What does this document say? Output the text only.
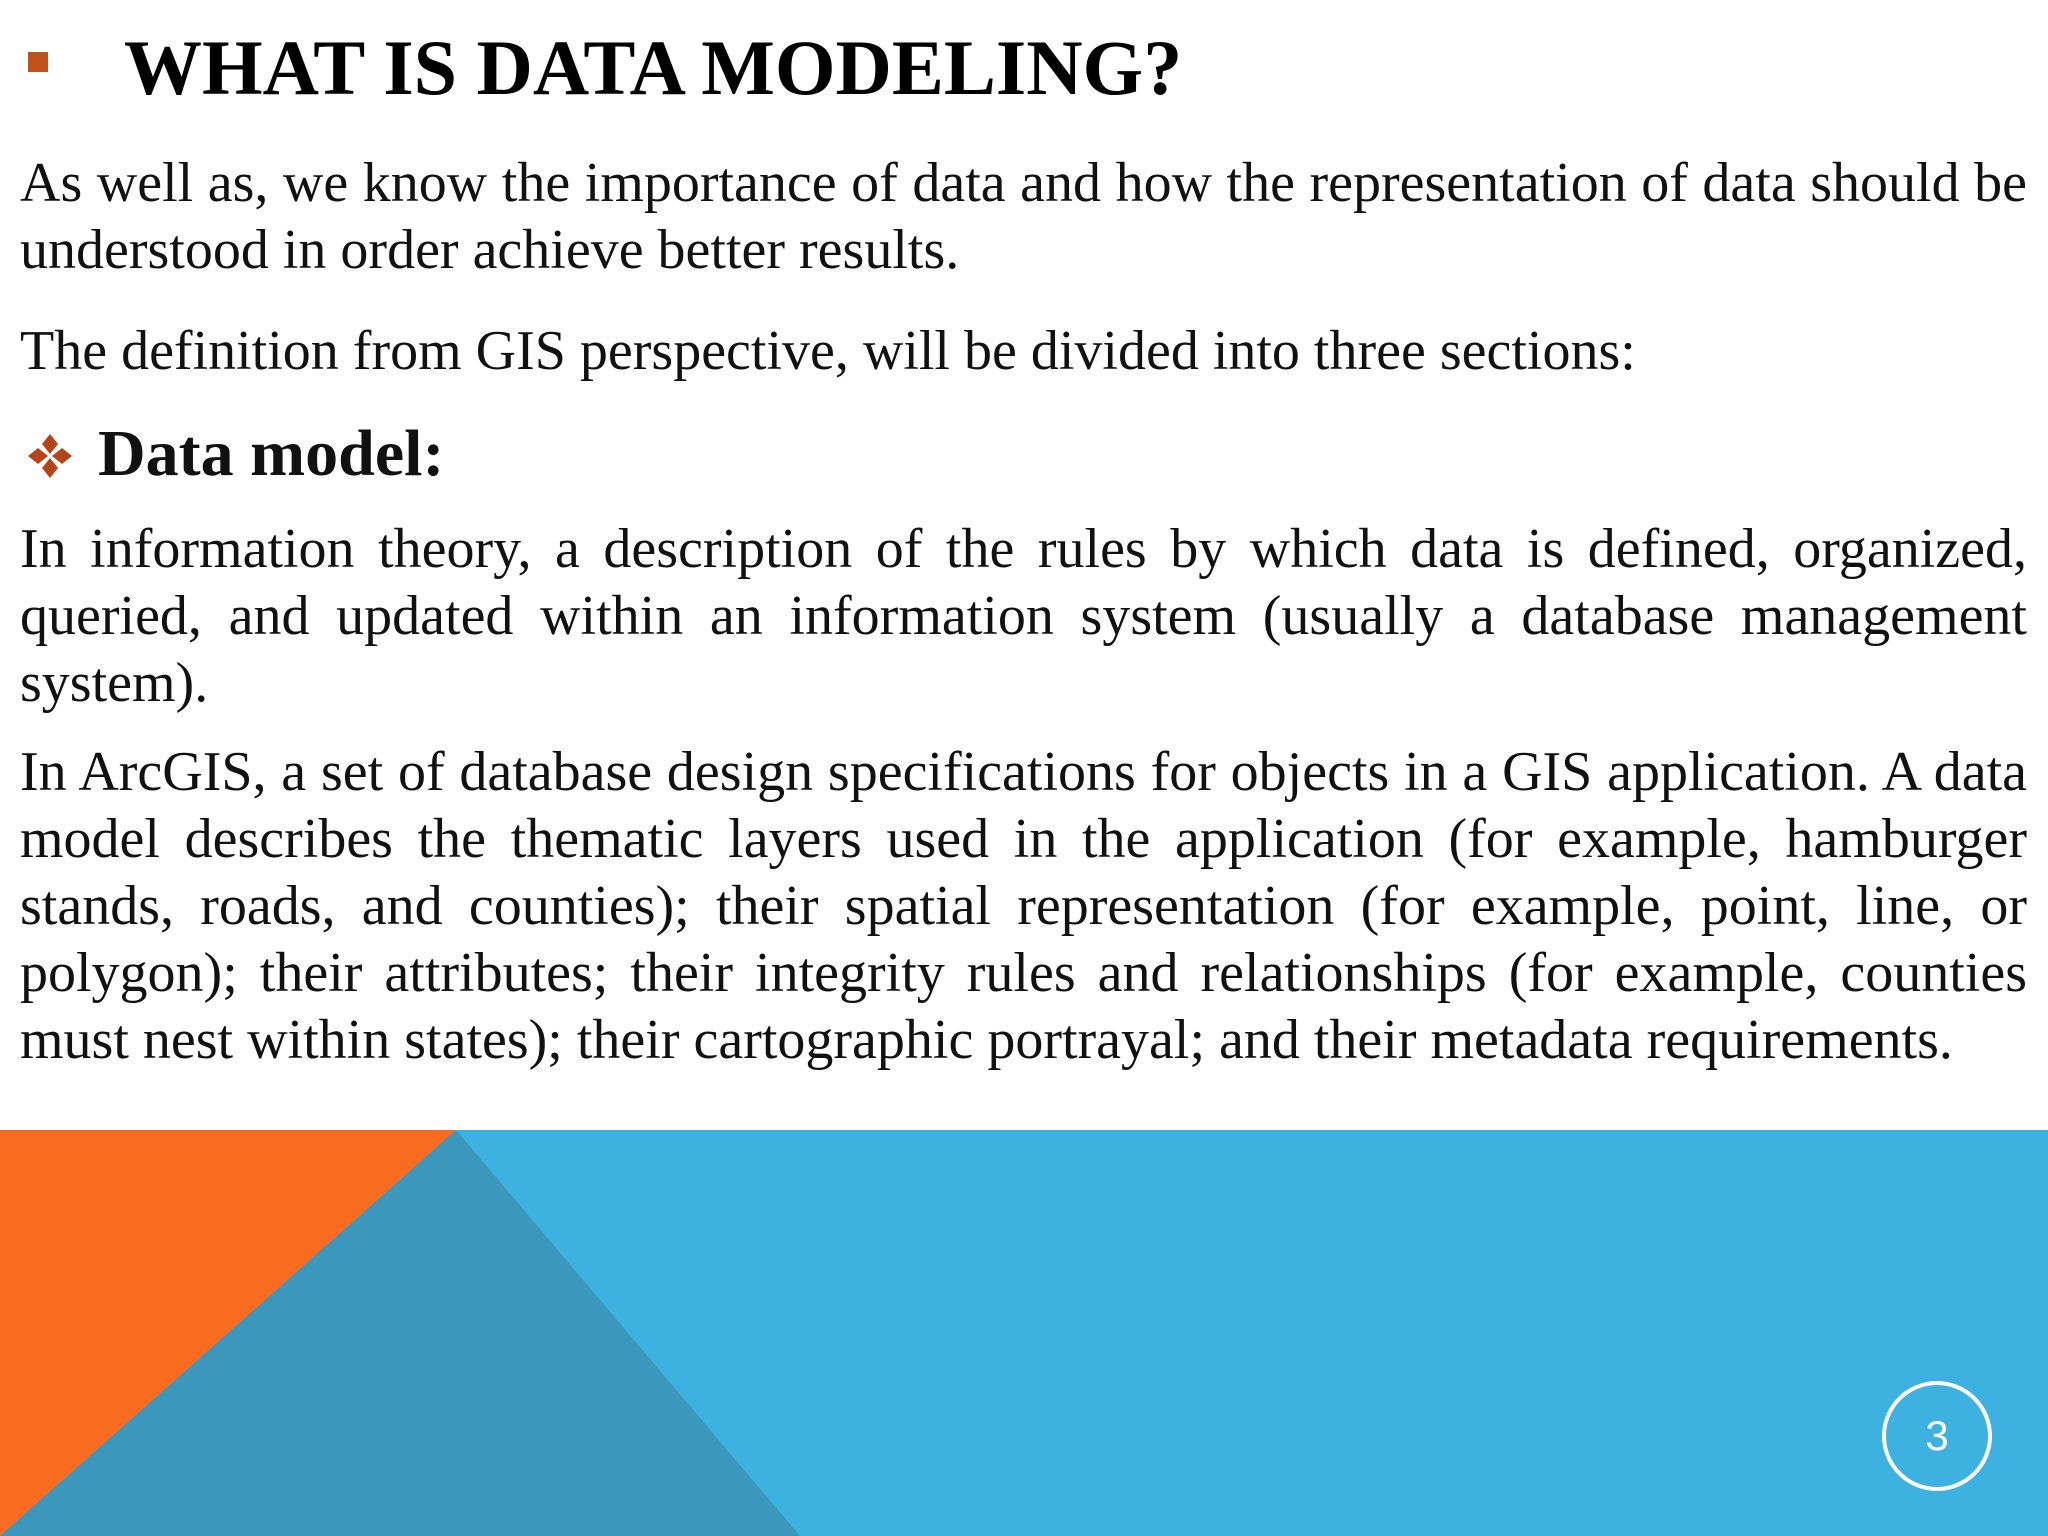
WHAT IS DATA MODELING?

As well as, we know the importance of data and how the representation of data should be understood in order achieve better results.

The definition from GIS perspective, will be divided into three sections:

Data model:

In information theory, a description of the rules by which data is defined, organized, queried, and updated within an information system (usually a database management system).

In ArcGIS, a set of database design specifications for objects in a GIS application. A data model describes the thematic layers used in the application (for example, hamburger stands, roads, and counties); their spatial representation (for example, point, line, or polygon); their attributes; their integrity rules and relationships (for example, counties must nest within states); their cartographic portrayal; and their metadata requirements.

3
